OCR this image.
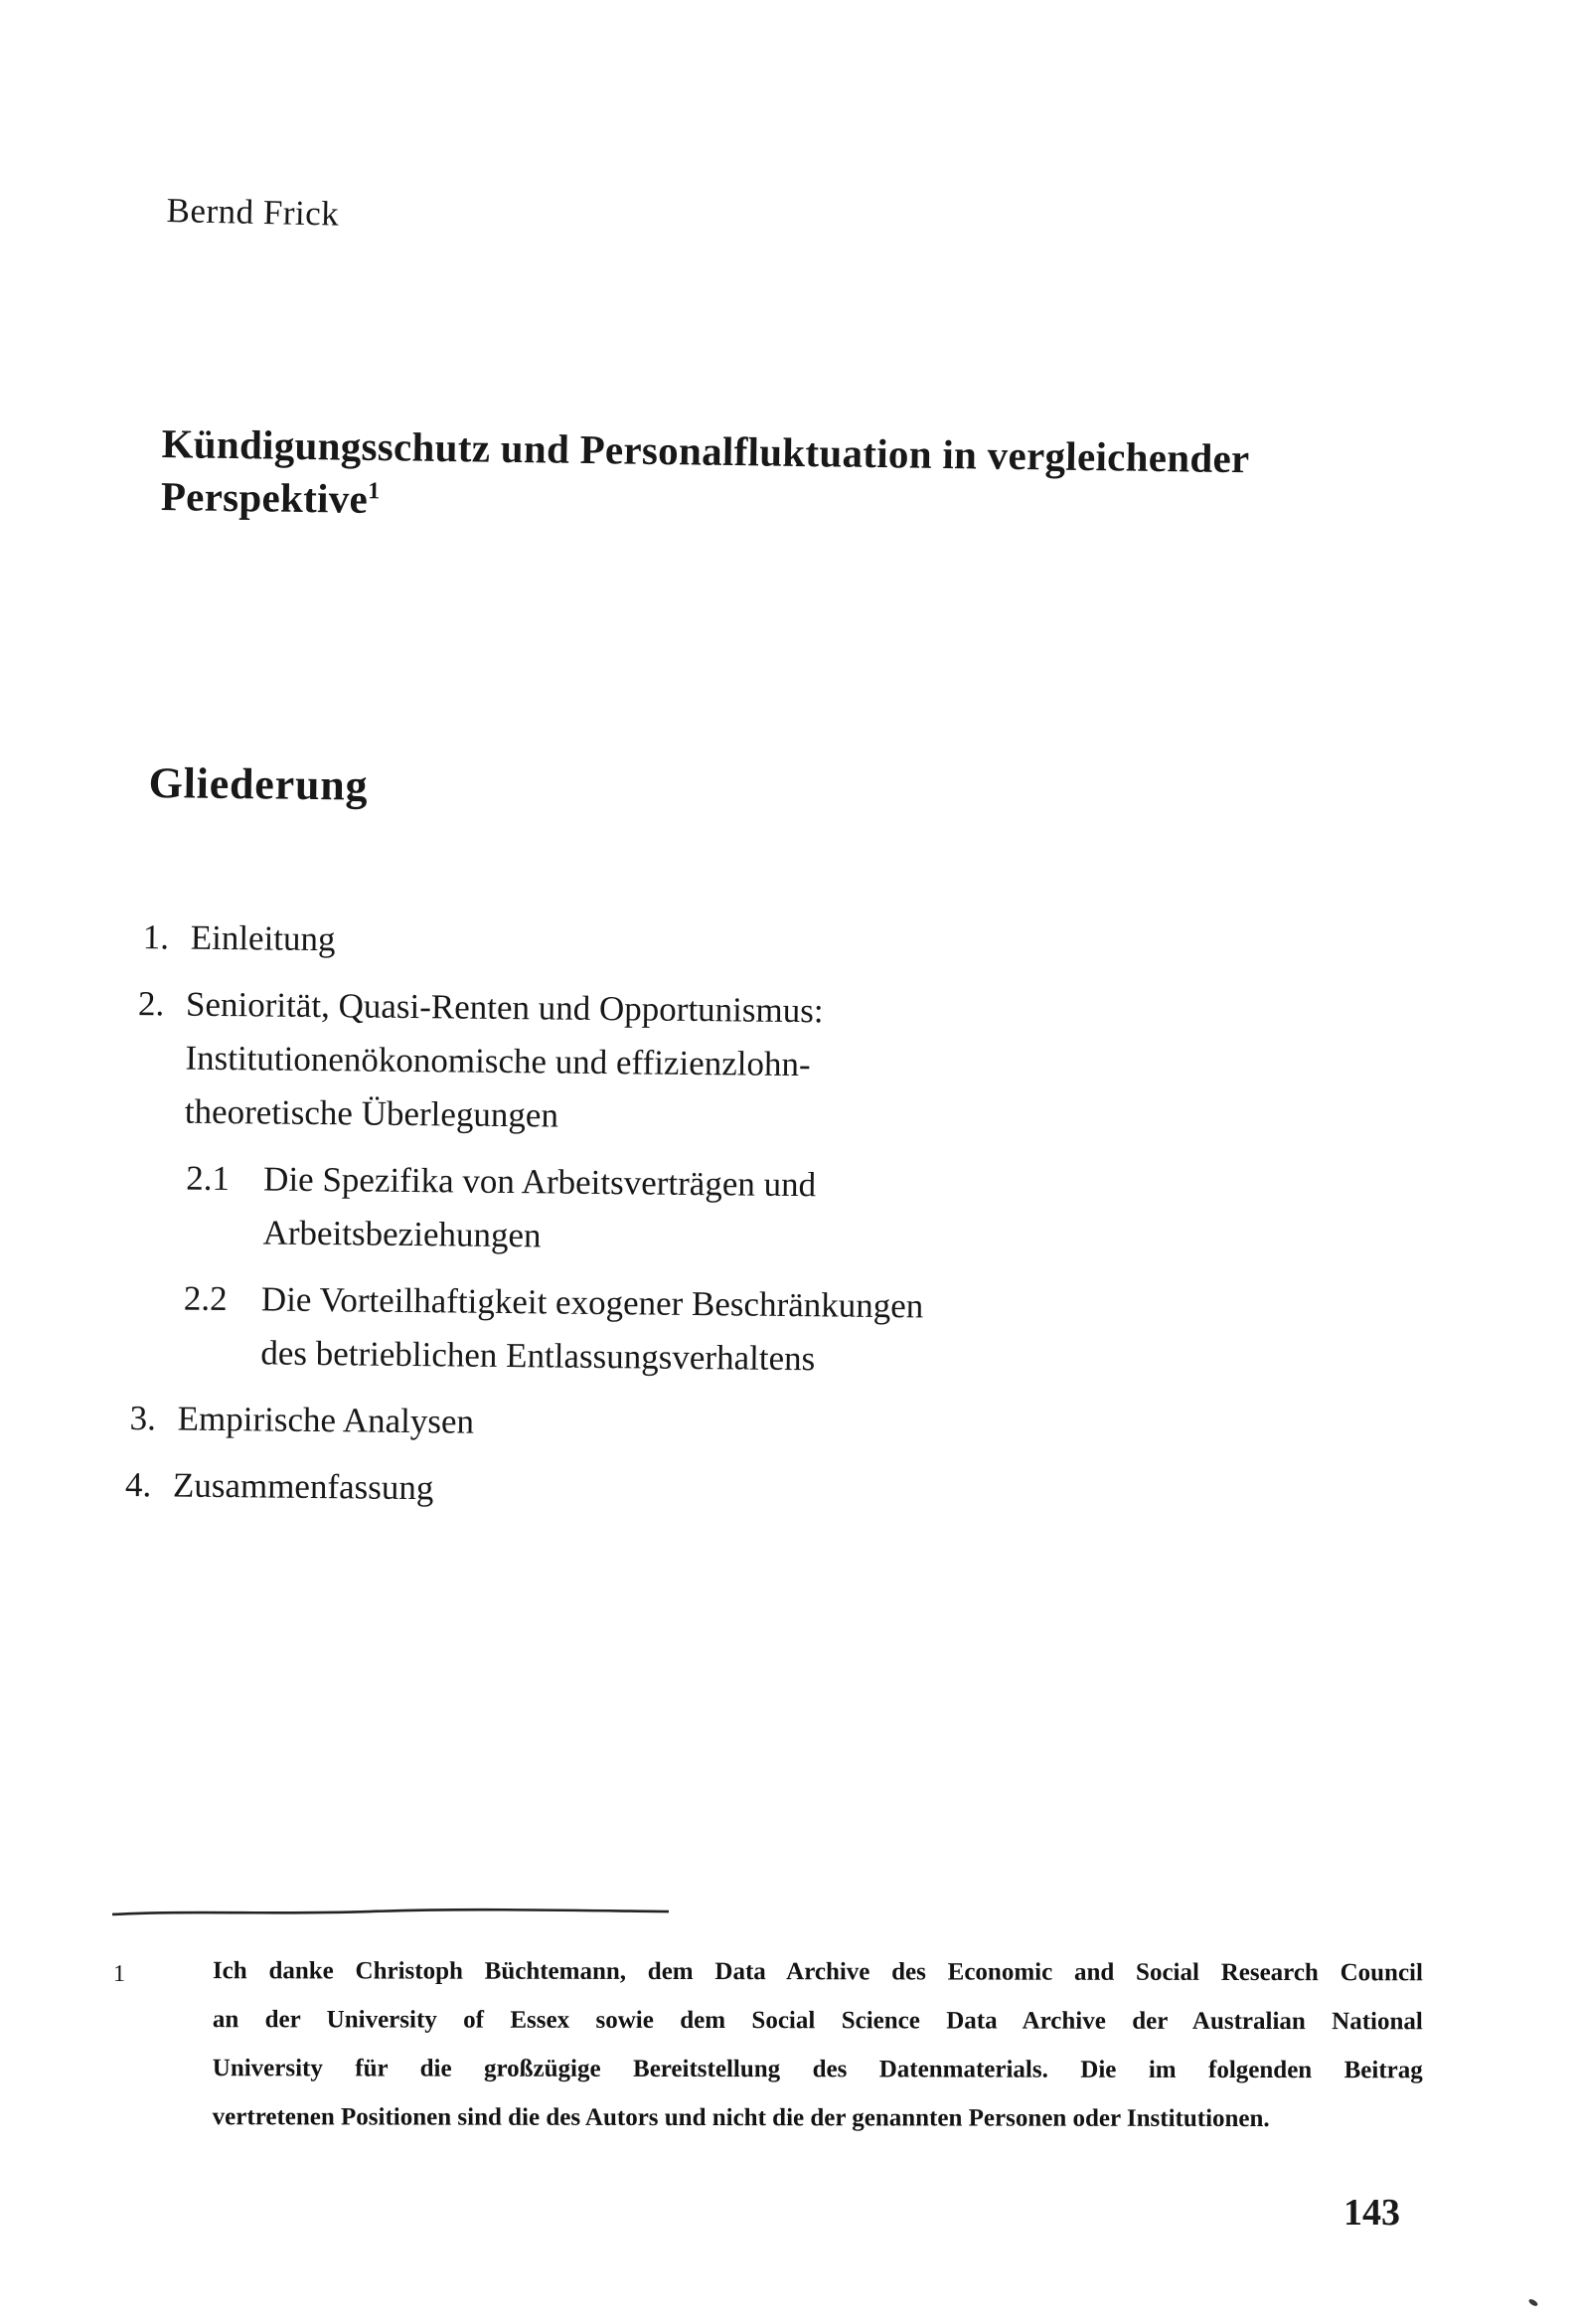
Bernd Frick
Kündigungsschutz und Personalfluktuation in vergleichender
Perspektive$^1$
Gliederung
1. Einleitung
2. Seniorität, Quasi-Renten und Opportunismus:
Institutionenökonomische und effizienzlohn-
theoretische Überlegungen
2.1 Die Spezifika von Arbeitsverträgen und
Arbeitsbeziehungen
2.2 Die Vorteilhaftigkeit exogener Beschränkungen
des betrieblichen Entlassungsverhaltens
3. Empirische Analysen
4. Zusammenfassung
1	Ich danke Christoph Büchtemann, dem Data Archive des Economic and Social Research Council
an der University of Essex sowie dem Social Science Data Archive der Australian National
University für die großzügige Bereitstellung des Datenmaterials. Die im folgenden Beitrag
vertretenen Positionen sind die des Autors und nicht die der genannten Personen oder Institutionen.
143
